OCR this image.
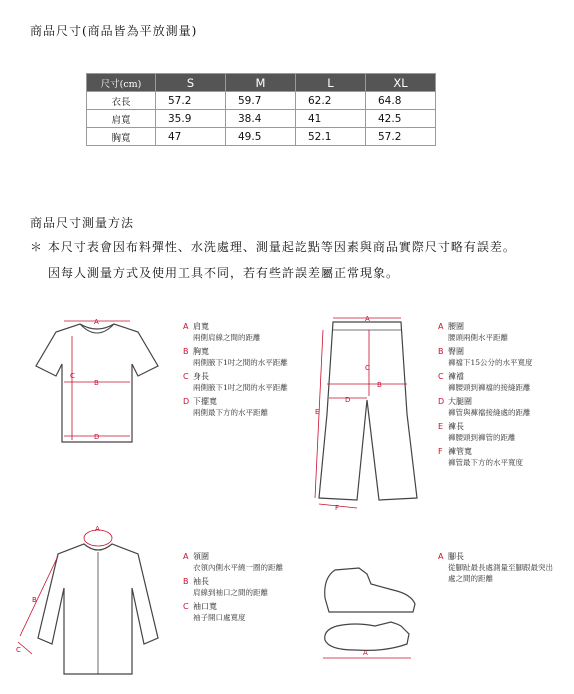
商品尺寸(商品皆為平放測量)
尺寸(cm)	S	M	L	XL
衣長	57.2	59.7	62.2	64.8
肩寬	35.9	38.4	41	42.5
胸寬	47	49.5	52.1	57.2
商品尺寸測量方法
＊ 本尺寸表會因布料彈性、水洗處理、測量起訖點等因素與商品實際尺寸略有誤差。
因每人測量方式及使用工具不同，若有些許誤差屬正常現象。
A
B
C
D
A 肩寬
兩側肩線之間的距離
B 胸寬
兩側腋下1吋之間的水平距離
C 身長
兩側腋下1吋之間的水平距離
D 下擺寬
兩側最下方的水平距離
A
B
C
D
E
F
A 腰圍
腰頭兩側水平距離
B 臀圍
褲襠下15公分的水平寬度
C 褲襠
褲腰頭到褲襠的接縫距離
D 大腿圍
褲管與褲襠接縫處的距離
E 褲長
褲腰頭到褲管的距離
F 褲管寬
褲管最下方的水平寬度
A
B
C
A 領圍
衣領內側水平繞一圈的距離
B 袖長
肩線到袖口之間的距離
C 袖口寬
袖子開口處寬度
A
A 腳長
從腳趾最長處測量至腳跟最突出處之間的距離
